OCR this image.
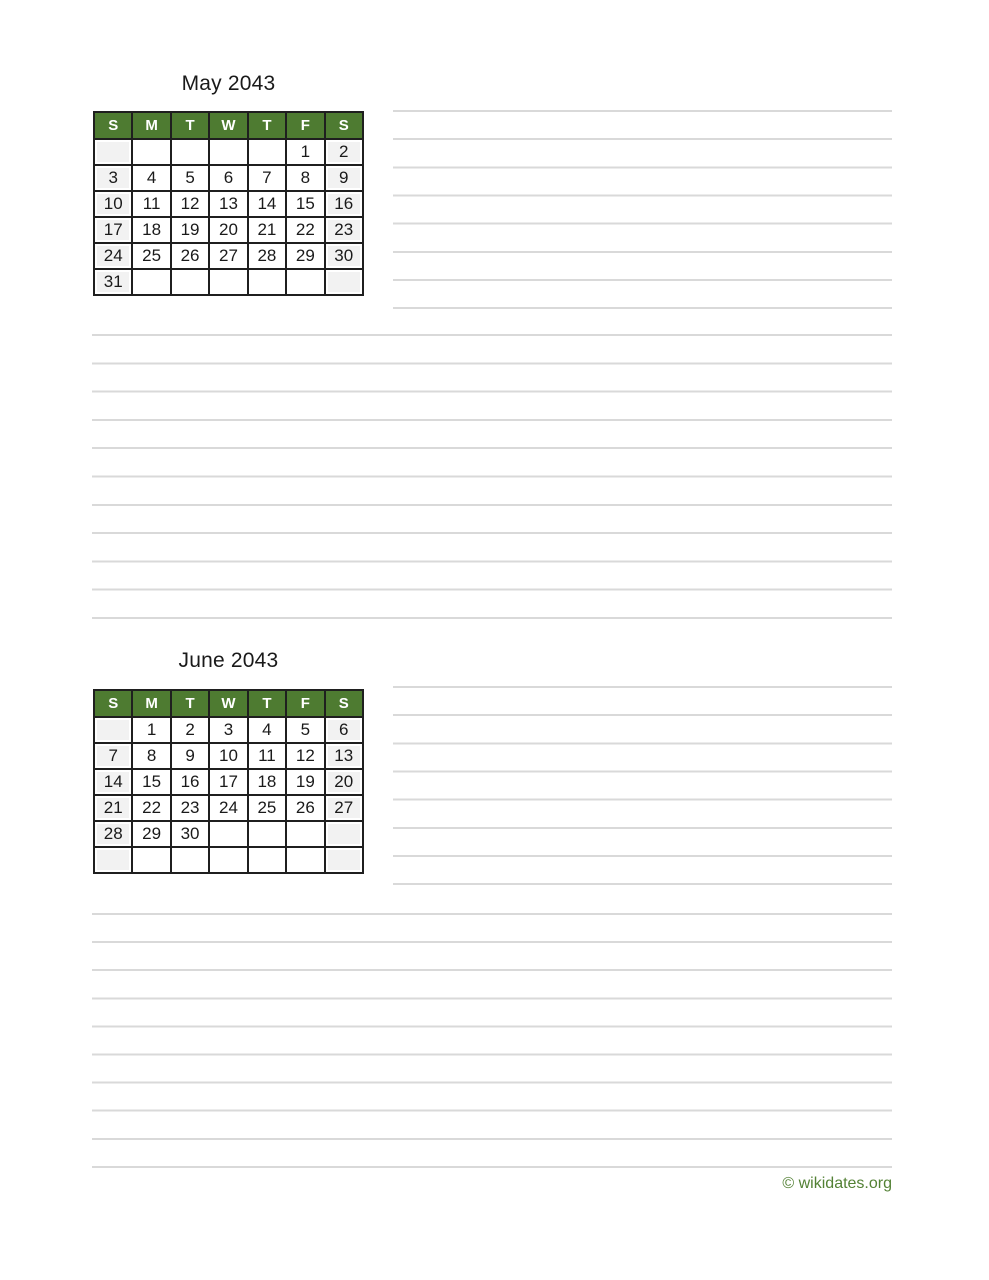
May 2043
S	M	T	W	T	F	S
					1	2
3	4	5	6	7	8	9
10	11	12	13	14	15	16
17	18	19	20	21	22	23
24	25	26	27	28	29	30
31						
June 2043
S	M	T	W	T	F	S
	1	2	3	4	5	6
7	8	9	10	11	12	13
14	15	16	17	18	19	20
21	22	23	24	25	26	27
28	29	30				

© wikidates.org
